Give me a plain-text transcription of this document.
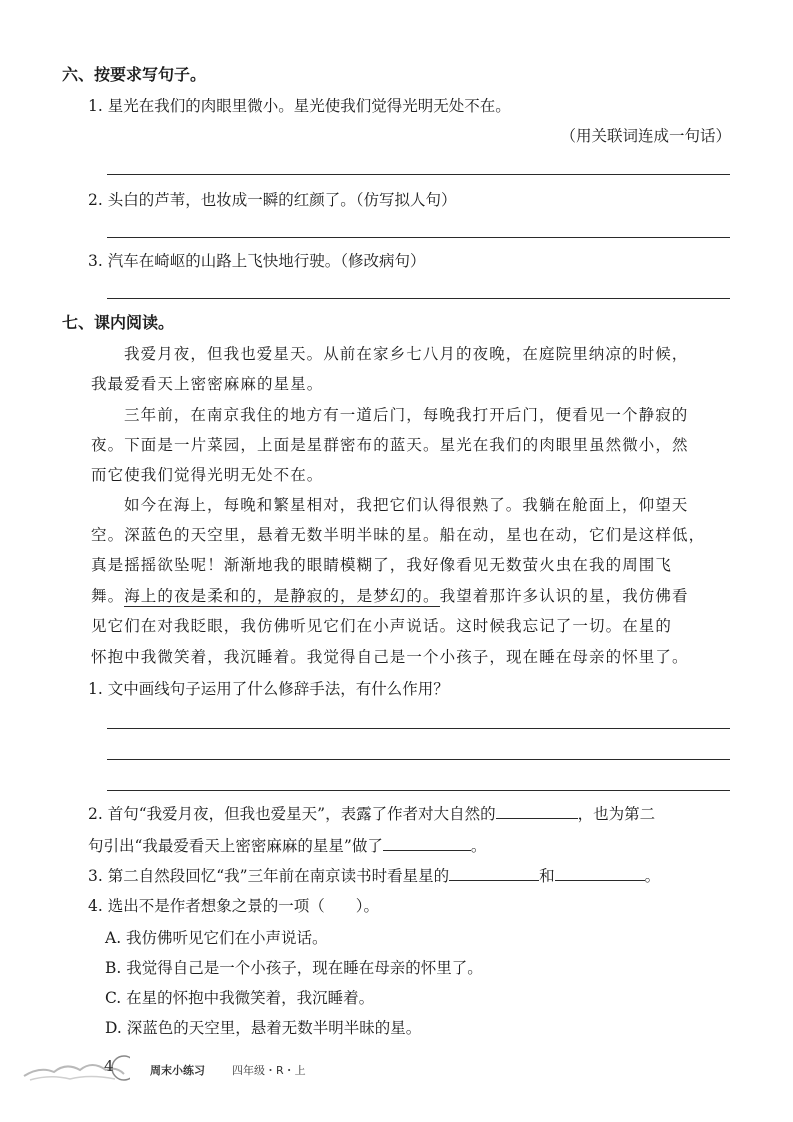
六、按要求写句子。
1. 星光在我们的肉眼里微小。星光使我们觉得光明无处不在。
（用关联词连成一句话）
2. 头白的芦苇，也妆成一瞬的红颜了。（仿写拟人句）
3. 汽车在崎岖的山路上飞快地行驶。（修改病句）
七、课内阅读。
我爱月夜，但我也爱星天。从前在家乡七八月的夜晚，在庭院里纳凉的时候，
我最爱看天上密密麻麻的星星。
三年前，在南京我住的地方有一道后门，每晚我打开后门，便看见一个静寂的
夜。下面是一片菜园，上面是星群密布的蓝天。星光在我们的肉眼里虽然微小，然
而它使我们觉得光明无处不在。
如今在海上，每晚和繁星相对，我把它们认得很熟了。我躺在舱面上，仰望天
空。深蓝色的天空里，悬着无数半明半昧的星。船在动，星也在动，它们是这样低，
真是摇摇欲坠呢！渐渐地我的眼睛模糊了，我好像看见无数萤火虫在我的周围飞
舞。海上的夜是柔和的，是静寂的，是梦幻的。我望着那许多认识的星，我仿佛看
见它们在对我眨眼，我仿佛听见它们在小声说话。这时候我忘记了一切。在星的
怀抱中我微笑着，我沉睡着。我觉得自己是一个小孩子，现在睡在母亲的怀里了。
1. 文中画线句子运用了什么修辞手法，有什么作用？
2. 首句“我爱月夜，但我也爱星天”，表露了作者对大自然的	，也为第二
句引出“我最爱看天上密密麻麻的星星”做了	。
3. 第二自然段回忆“我”三年前在南京读书时看星星的	和	。
4. 选出不是作者想象之景的一项（　　）。
A. 我仿佛听见它们在小声说话。
B. 我觉得自己是一个小孩子，现在睡在母亲的怀里了。
C. 在星的怀抱中我微笑着，我沉睡着。
D. 深蓝色的天空里，悬着无数半明半昧的星。
4	周末小练习 四年级・R・上
